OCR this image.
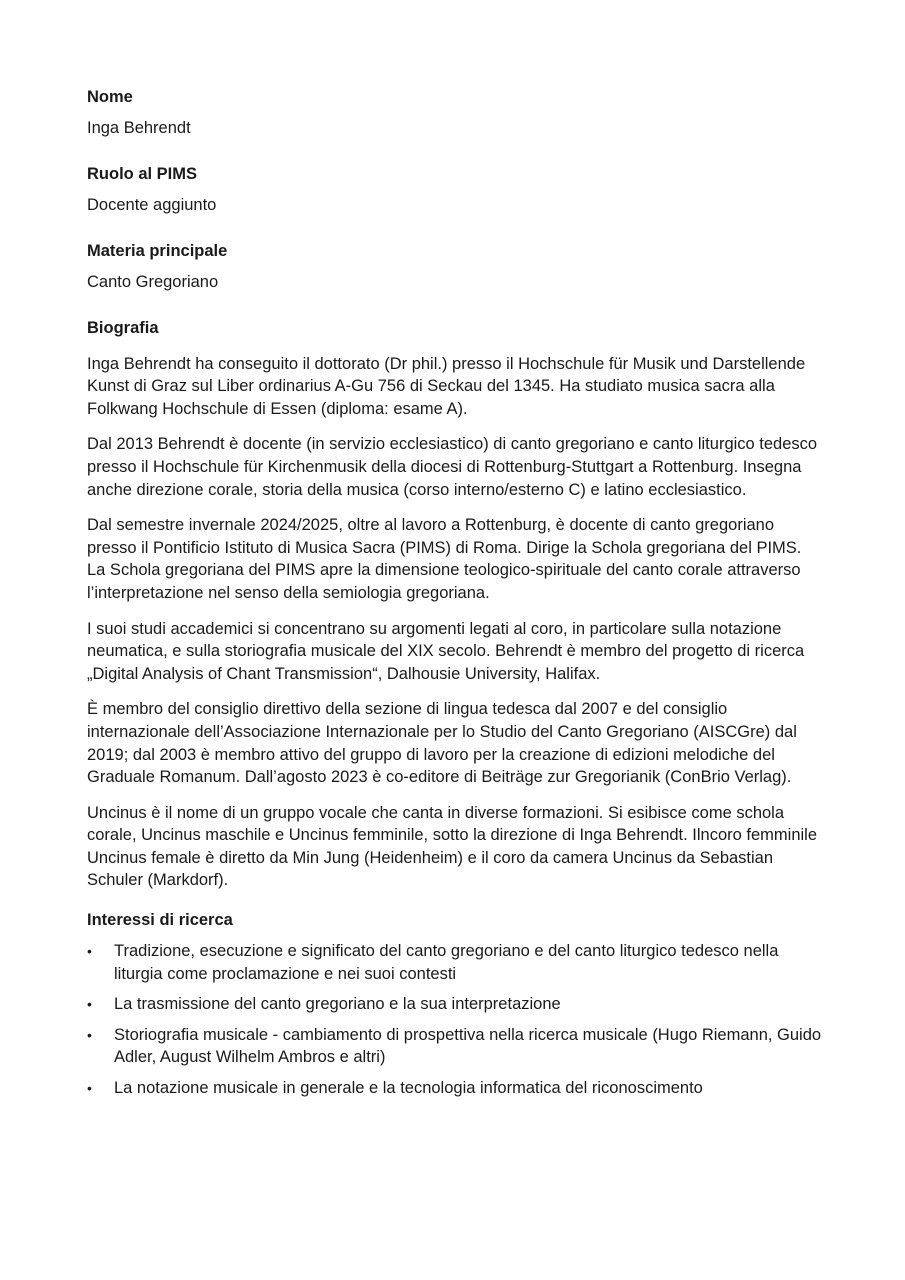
Nome

Inga Behrendt

Ruolo al PIMS

Docente aggiunto

Materia principale

Canto Gregoriano

Biografia

Inga Behrendt ha conseguito il dottorato (Dr phil.) presso il Hochschule für Musik und Darstellende Kunst di Graz sul Liber ordinarius A-Gu 756 di Seckau del 1345. Ha studiato musica sacra alla Folkwang Hochschule di Essen (diploma: esame A).

Dal 2013 Behrendt è docente (in servizio ecclesiastico) di canto gregoriano e canto liturgico tedesco presso il Hochschule für Kirchenmusik della diocesi di Rottenburg-Stuttgart a Rottenburg. Insegna anche direzione corale, storia della musica (corso interno/esterno C) e latino ecclesiastico.

Dal semestre invernale 2024/2025, oltre al lavoro a Rottenburg, è docente di canto gregoriano presso il Pontificio Istituto di Musica Sacra (PIMS) di Roma. Dirige la Schola gregoriana del PIMS. La Schola gregoriana del PIMS apre la dimensione teologico-spirituale del canto corale attraverso l’interpretazione nel senso della semiologia gregoriana.

I suoi studi accademici si concentrano su argomenti legati al coro, in particolare sulla notazione neumatica, e sulla storiografia musicale del XIX secolo. Behrendt è membro del progetto di ricerca „Digital Analysis of Chant Transmission“, Dalhousie University, Halifax.

È membro del consiglio direttivo della sezione di lingua tedesca dal 2007 e del consiglio internazionale dell’Associazione Internazionale per lo Studio del Canto Gregoriano (AISCGre) dal 2019; dal 2003 è membro attivo del gruppo di lavoro per la creazione di edizioni melodiche del Graduale Romanum. Dall’agosto 2023 è co-editore di Beiträge zur Gregorianik (ConBrio Verlag).

Uncinus è il nome di un gruppo vocale che canta in diverse formazioni. Si esibisce come schola corale, Uncinus maschile e Uncinus femminile, sotto la direzione di Inga Behrendt. Ilncoro femminile Uncinus female è diretto da Min Jung (Heidenheim) e il coro da camera Uncinus da Sebastian Schuler (Markdorf).

Interessi di ricerca

•	Tradizione, esecuzione e significato del canto gregoriano e del canto liturgico tedesco nella liturgia come proclamazione e nei suoi contesti
•	La trasmissione del canto gregoriano e la sua interpretazione
•	Storiografia musicale - cambiamento di prospettiva nella ricerca musicale (Hugo Riemann, Guido Adler, August Wilhelm Ambros e altri)
•	La notazione musicale in generale e la tecnologia informatica del riconoscimento
